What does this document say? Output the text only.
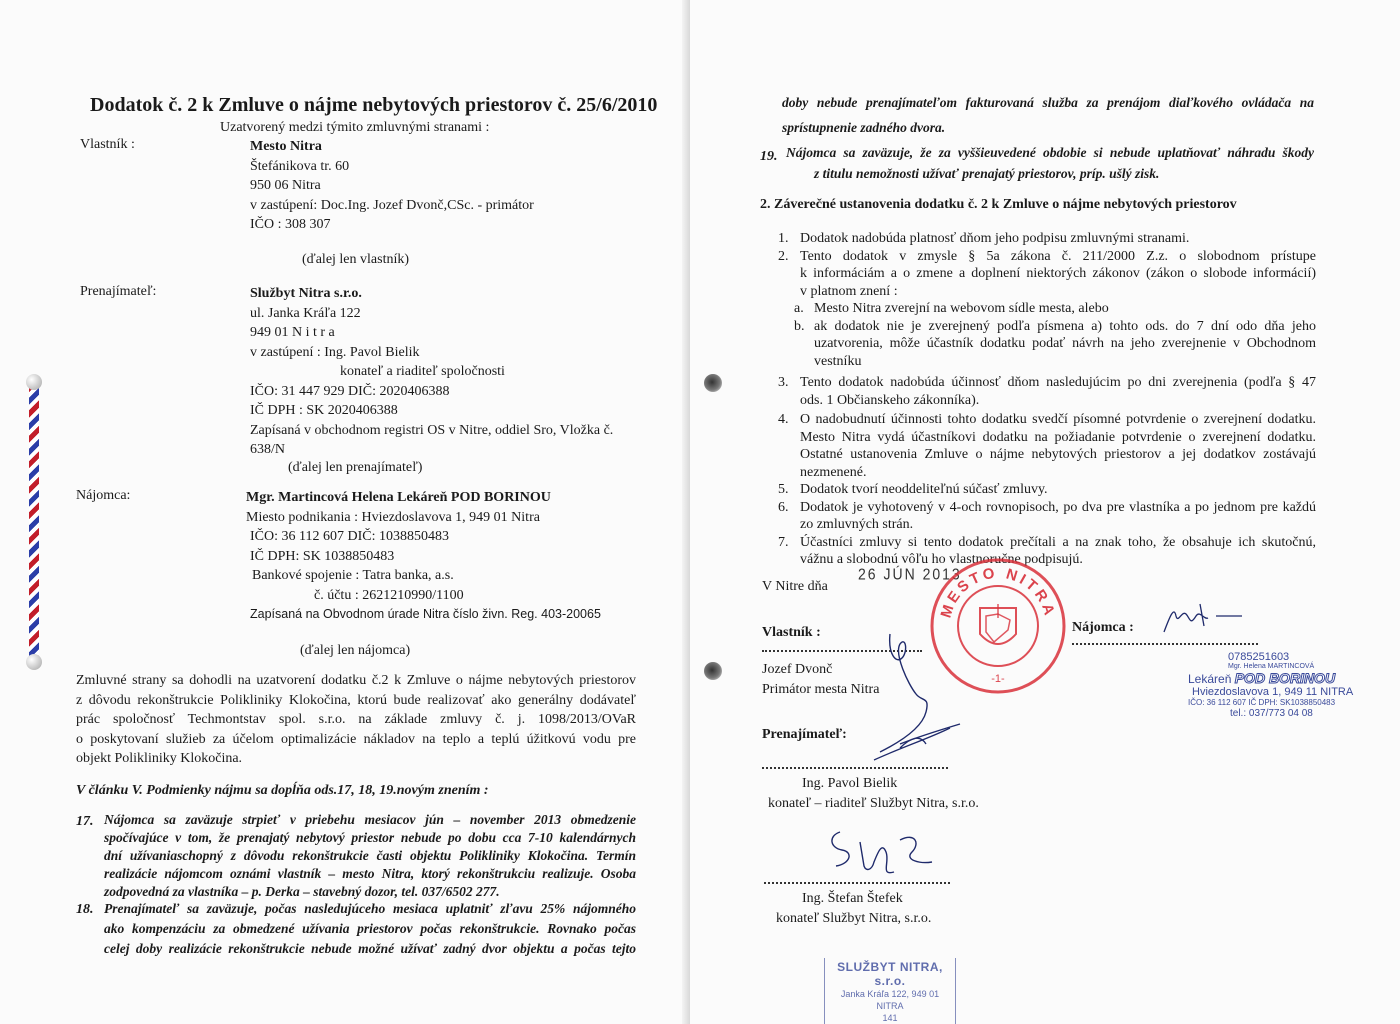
Dodatok č. 2 k Zmluve o nájme nebytových priestorov č. 25/6/2010
Uzatvorený medzi týmito zmluvnými stranami :
Vlastník :	Mesto Nitra
Štefánikova tr. 60
950 06 Nitra
v zastúpení: Doc.Ing. Jozef Dvonč,CSc. - primátor
IČO : 308 307
(ďalej len vlastník)
Prenajímateľ:	Službyt Nitra s.r.o.
ul. Janka Kráľa 122
949 01 N i t r a
v zastúpení : Ing. Pavol Bielik
konateľ a riaditeľ spoločnosti
IČO: 31 447 929 DIČ: 2020406388
IČ DPH : SK 2020406388
Zapísaná v obchodnom registri OS v Nitre, oddiel Sro, Vložka č.
638/N
(ďalej len prenajímateľ)
Nájomca:	Mgr. Martincová Helena Lekáreň POD BORINOU
Miesto podnikania : Hviezdoslavova 1, 949 01 Nitra
IČO: 36 112 607 DIČ: 1038850483
IČ DPH: SK 1038850483
Bankové spojenie : Tatra banka, a.s.
č. účtu : 2621210990/1100
Zapísaná na Obvodnom úrade Nitra číslo živn. Reg. 403-20065
(ďalej len nájomca)
Zmluvné strany sa dohodli na uzatvorení dodatku č.2 k Zmluve o nájme nebytových priestorov
z dôvodu rekonštrukcie Polikliniky Klokočina, ktorú bude realizovať ako generálny dodávateľ
prác spoločnosť Techmontstav spol. s.r.o. na základe zmluvy č. j. 1098/2013/OVaR
o poskytovaní služieb za účelom optimalizácie nákladov na teplo a teplú úžitkovú vodu pre
objekt Polikliniky Klokočina.
V článku V. Podmienky nájmu sa dopĺňa ods.17, 18, 19.novým znením :
17. Nájomca sa zaväzuje strpieť v priebehu mesiacov jún – november 2013 obmedzenie
spočívajúce v tom, že prenajatý nebytový priestor nebude po dobu cca 7-10 kalendárnych
dní užívaniaschopný z dôvodu rekonštrukcie časti objektu Polikliniky Klokočina. Termín
realizácie nájomcom oznámi vlastník – mesto Nitra, ktorý rekonštrukciu realizuje. Osoba
zodpovedná za vlastníka – p. Derka – stavebný dozor, tel. 037/6502 277.
18. Prenajímateľ sa zaväzuje, počas nasledujúceho mesiaca uplatniť zľavu 25% nájomného
ako kompenzáciu za obmedzené užívania priestorov počas rekonštrukcie. Rovnako počas
celej doby realizácie rekonštrukcie nebude možné užívať zadný dvor objektu a počas tejto
doby nebude prenajímateľom fakturovaná služba za prenájom diaľkového ovládača na
sprístupnenie zadného dvora.
19. Nájomca sa zaväzuje, že za vyššieuvedené obdobie si nebude uplatňovať náhradu škody
z titulu nemožnosti užívať prenajatý priestorov, príp. ušlý zisk.
2. Záverečné ustanovenia dodatku č. 2 k Zmluve o nájme nebytových priestorov
1. Dodatok nadobúda platnosť dňom jeho podpisu zmluvnými stranami.
2. Tento dodatok v zmysle § 5a zákona č. 211/2000 Z.z. o slobodnom prístupe
k informáciám a o zmene a doplnení niektorých zákonov (zákon o slobode informácií)
v platnom znení :
a. Mesto Nitra zverejní na webovom sídle mesta, alebo
b. ak dodatok nie je zverejnený podľa písmena a) tohto ods. do 7 dní odo dňa jeho
uzatvorenia, môže účastník dodatku podať návrh na jeho zverejnenie v Obchodnom
vestníku
3. Tento dodatok nadobúda účinnosť dňom nasledujúcim po dni zverejnenia (podľa § 47
ods. 1 Občianskeho zákonníka).
4. O nadobudnutí účinnosti tohto dodatku svedčí písomné potvrdenie o zverejnení dodatku.
Mesto Nitra vydá účastníkovi dodatku na požiadanie potvrdenie o zverejnení dodatku.
Ostatné ustanovenia Zmluve o nájme nebytových priestorov a jej dodatkov zostávajú
nezmenené.
5. Dodatok tvorí neoddeliteľnú súčasť zmluvy.
6. Dodatok je vyhotovený v 4-och rovnopisoch, po dva pre vlastníka a po jednom pre každú
zo zmluvných strán.
7. Účastníci zmluvy si tento dodatok prečítali a na znak toho, že obsahuje ich skutočnú,
vážnu a slobodnú vôľu ho vlastnoručne podpisujú.
V Nitre dňa
26 JÚN 2013
MESTO NITRA
-1-
Vlastník :
Jozef Dvonč
Primátor mesta Nitra
Nájomca :
0785251603
Mgr. Helena MARTINCOVÁ
Lekáreň POD BORINOU
Hviezdoslavova 1, 949 11 NITRA
IČO: 36 112 607 IČ DPH: SK1038850483
tel.: 037/773 04 08
Prenajímateľ:
Ing. Pavol Bielik
konateľ – riaditeľ Službyt Nitra, s.r.o.
Ing. Štefan Štefek
konateľ Službyt Nitra, s.r.o.
SLUŽBYT NITRA, s.r.o.
Janka Kráľa 122, 949 01 NITRA
141
